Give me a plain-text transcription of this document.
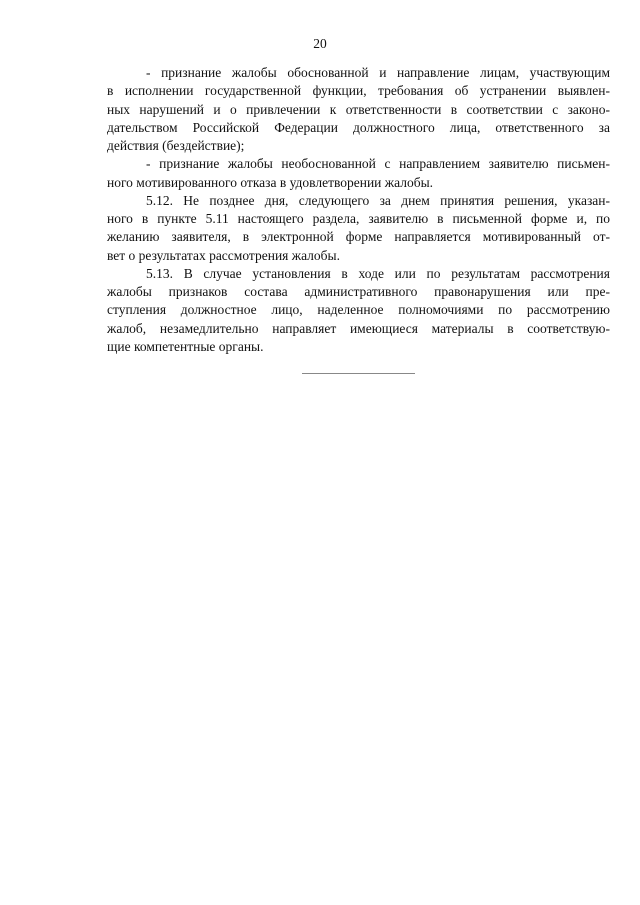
20

- признание жалобы обоснованной и направление лицам, участвующим
в исполнении государственной функции, требования об устранении выявлен-
ных нарушений и о привлечении к ответственности в соответствии с законо-
дательством Российской Федерации должностного лица, ответственного за
действия (бездействие);

- признание жалобы необоснованной с направлением заявителю письмен-
ного мотивированного отказа в удовлетворении жалобы.

5.12. Не позднее дня, следующего за днем принятия решения, указан-
ного в пункте 5.11 настоящего раздела, заявителю в письменной форме и, по
желанию заявителя, в электронной форме направляется мотивированный от-
вет о результатах рассмотрения жалобы.

5.13. В случае установления в ходе или по результатам рассмотрения
жалобы признаков состава административного правонарушения или пре-
ступления должностное лицо, наделенное полномочиями по рассмотрению
жалоб, незамедлительно направляет имеющиеся материалы в соответствую-
щие компетентные органы.
